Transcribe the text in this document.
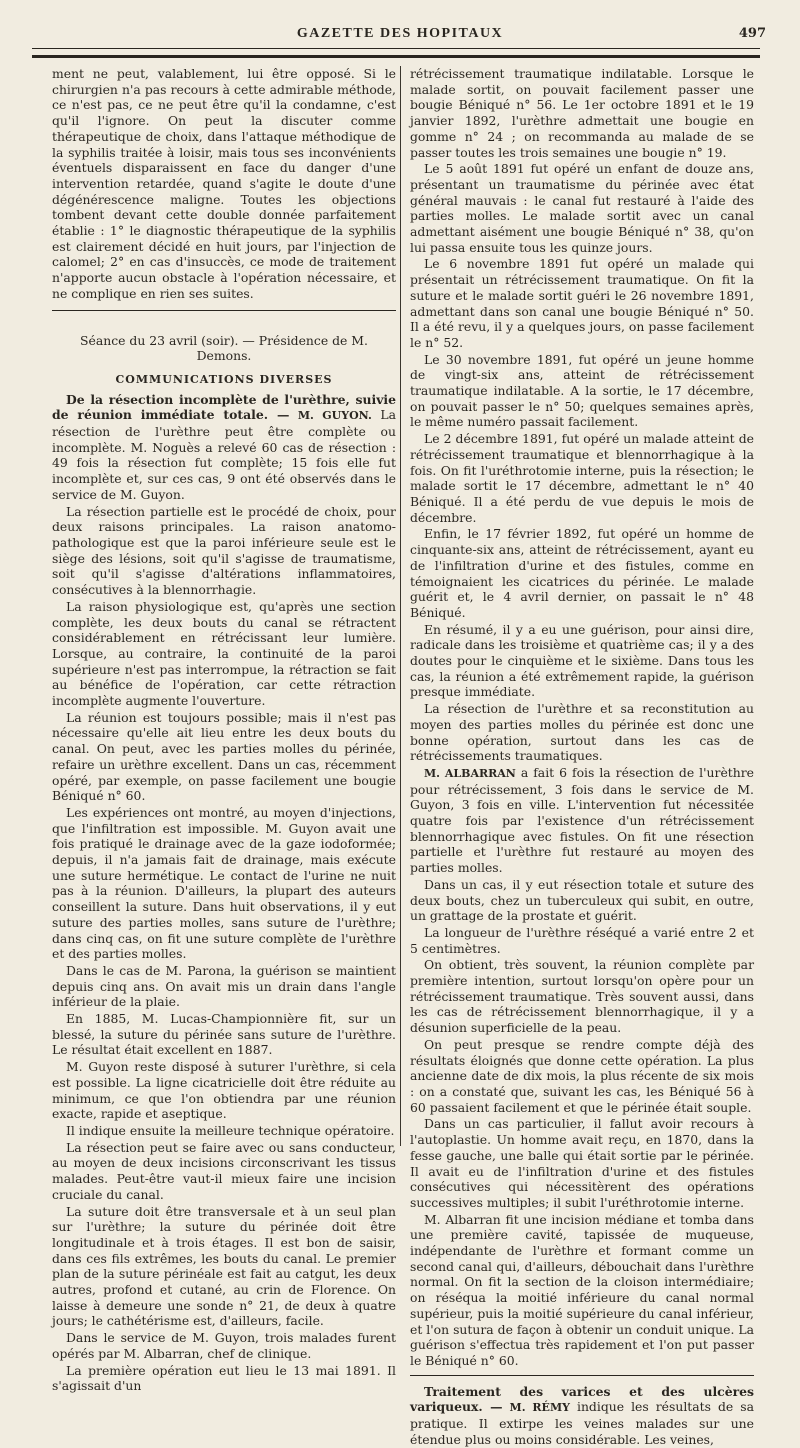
GAZETTE DES HOPITAUX	497

ment ne peut, valablement, lui être opposé. Si le chirurgien n'a pas recours à cette admirable méthode, ce n'est pas, ce ne peut être qu'il la condamne, c'est qu'il l'ignore. On peut la discuter comme thérapeutique de choix, dans l'attaque méthodique de la syphilis traitée à loisir, mais tous ses inconvénients éventuels disparaissent en face du danger d'une intervention retardée, quand s'agite le doute d'une dégénérescence maligne. Toutes les objections tombent devant cette double donnée parfaitement établie : 1° le diagnostic thérapeutique de la syphilis est clairement décidé en huit jours, par l'injection de calomel; 2° en cas d'insuccès, ce mode de traitement n'apporte aucun obstacle à l'opération nécessaire, et ne complique en rien ses suites.

Séance du 23 avril (soir). — Présidence de M. Demons.

COMMUNICATIONS DIVERSES

De la résection incomplète de l'urèthre, suivie de réunion immédiate totale. — M. GUYON. La résection de l'urèthre peut être complète ou incomplète. M. Noguès a relevé 60 cas de résection : 49 fois la résection fut complète; 15 fois elle fut incomplète et, sur ces cas, 9 ont été observés dans le service de M. Guyon.

La résection partielle est le procédé de choix, pour deux raisons principales. La raison anatomo-pathologique est que la paroi inférieure seule est le siège des lésions, soit qu'il s'agisse de traumatisme, soit qu'il s'agisse d'altérations inflammatoires, consécutives à la blennorrhagie.

La raison physiologique est, qu'après une section complète, les deux bouts du canal se rétractent considérablement en rétrécissant leur lumière. Lorsque, au contraire, la continuité de la paroi supérieure n'est pas interrompue, la rétraction se fait au bénéfice de l'opération, car cette rétraction incomplète augmente l'ouverture.

La réunion est toujours possible; mais il n'est pas nécessaire qu'elle ait lieu entre les deux bouts du canal. On peut, avec les parties molles du périnée, refaire un urèthre excellent. Dans un cas, récemment opéré, par exemple, on passe facilement une bougie Béniqué n° 60.

Les expériences ont montré, au moyen d'injections, que l'infiltration est impossible. M. Guyon avait une fois pratiqué le drainage avec de la gaze iodoformée; depuis, il n'a jamais fait de drainage, mais exécute une suture hermétique. Le contact de l'urine ne nuit pas à la réunion. D'ailleurs, la plupart des auteurs conseillent la suture. Dans huit observations, il y eut suture des parties molles, sans suture de l'urèthre; dans cinq cas, on fit une suture complète de l'urèthre et des parties molles.

Dans le cas de M. Parona, la guérison se maintient depuis cinq ans. On avait mis un drain dans l'angle inférieur de la plaie.

En 1885, M. Lucas-Championnière fit, sur un blessé, la suture du périnée sans suture de l'urèthre. Le résultat était excellent en 1887.

M. Guyon reste disposé à suturer l'urèthre, si cela est possible. La ligne cicatricielle doit être réduite au minimum, ce que l'on obtiendra par une réunion exacte, rapide et aseptique.

Il indique ensuite la meilleure technique opératoire.

La résection peut se faire avec ou sans conducteur, au moyen de deux incisions circonscrivant les tissus malades. Peut-être vaut-il mieux faire une incision cruciale du canal.

La suture doit être transversale et à un seul plan sur l'urèthre; la suture du périnée doit être longitudinale et à trois étages. Il est bon de saisir, dans ces fils extrêmes, les bouts du canal. Le premier plan de la suture périnéale est fait au catgut, les deux autres, profond et cutané, au crin de Florence. On laisse à demeure une sonde n° 21, de deux à quatre jours; le cathétérisme est, d'ailleurs, facile.

Dans le service de M. Guyon, trois malades furent opérés par M. Albarran, chef de clinique.

La première opération eut lieu le 13 mai 1891. Il s'agissait d'un

rétrécissement traumatique indilatable. Lorsque le malade sortit, on pouvait facilement passer une bougie Béniqué n° 56. Le 1er octobre 1891 et le 19 janvier 1892, l'urèthre admettait une bougie en gomme n° 24 ; on recommanda au malade de se passer toutes les trois semaines une bougie n° 19.

Le 5 août 1891 fut opéré un enfant de douze ans, présentant un traumatisme du périnée avec état général mauvais : le canal fut restauré à l'aide des parties molles. Le malade sortit avec un canal admettant aisément une bougie Béniqué n° 38, qu'on lui passa ensuite tous les quinze jours.

Le 6 novembre 1891 fut opéré un malade qui présentait un rétrécissement traumatique. On fit la suture et le malade sortit guéri le 26 novembre 1891, admettant dans son canal une bougie Béniqué n° 50. Il a été revu, il y a quelques jours, on passe facilement le n° 52.

Le 30 novembre 1891, fut opéré un jeune homme de vingt-six ans, atteint de rétrécissement traumatique indilatable. A la sortie, le 17 décembre, on pouvait passer le n° 50; quelques semaines après, le même numéro passait facilement.

Le 2 décembre 1891, fut opéré un malade atteint de rétrécissement traumatique et blennorrhagique à la fois. On fit l'uréthrotomie interne, puis la résection; le malade sortit le 17 décembre, admettant le n° 40 Béniqué. Il a été perdu de vue depuis le mois de décembre.

Enfin, le 17 février 1892, fut opéré un homme de cinquante-six ans, atteint de rétrécissement, ayant eu de l'infiltration d'urine et des fistules, comme en témoignaient les cicatrices du périnée. Le malade guérit et, le 4 avril dernier, on passait le n° 48 Béniqué.

En résumé, il y a eu une guérison, pour ainsi dire, radicale dans les troisième et quatrième cas; il y a des doutes pour le cinquième et le sixième. Dans tous les cas, la réunion a été extrêmement rapide, la guérison presque immédiate.

La résection de l'urèthre et sa reconstitution au moyen des parties molles du périnée est donc une bonne opération, surtout dans les cas de rétrécissements traumatiques.

M. ALBARRAN a fait 6 fois la résection de l'urèthre pour rétrécissement, 3 fois dans le service de M. Guyon, 3 fois en ville. L'intervention fut nécessitée quatre fois par l'existence d'un rétrécissement blennorrhagique avec fistules. On fit une résection partielle et l'urèthre fut restauré au moyen des parties molles.

Dans un cas, il y eut résection totale et suture des deux bouts, chez un tuberculeux qui subit, en outre, un grattage de la prostate et guérit.

La longueur de l'urèthre réséqué a varié entre 2 et 5 centimètres.

On obtient, très souvent, la réunion complète par première intention, surtout lorsqu'on opère pour un rétrécissement traumatique. Très souvent aussi, dans les cas de rétrécissement blennorrhagique, il y a désunion superficielle de la peau.

On peut presque se rendre compte déjà des résultats éloignés que donne cette opération. La plus ancienne date de dix mois, la plus récente de six mois : on a constaté que, suivant les cas, les Béniqué 56 à 60 passaient facilement et que le périnée était souple.

Dans un cas particulier, il fallut avoir recours à l'autoplastie. Un homme avait reçu, en 1870, dans la fesse gauche, une balle qui était sortie par le périnée. Il avait eu de l'infiltration d'urine et des fistules consécutives qui nécessitèrent des opérations successives multiples; il subit l'uréthrotomie interne.

M. Albarran fit une incision médiane et tomba dans une première cavité, tapissée de muqueuse, indépendante de l'urèthre et formant comme un second canal qui, d'ailleurs, débouchait dans l'urèthre normal. On fit la section de la cloison intermédiaire; on réséqua la moitié inférieure du canal normal supérieur, puis la moitié supérieure du canal inférieur, et l'on sutura de façon à obtenir un conduit unique. La guérison s'effectua très rapidement et l'on put passer le Béniqué n° 60.

Traitement des varices et des ulcères variqueux. — M. RÉMY indique les résultats de sa pratique. Il extirpe les veines malades sur une étendue plus ou moins considérable. Les veines,
